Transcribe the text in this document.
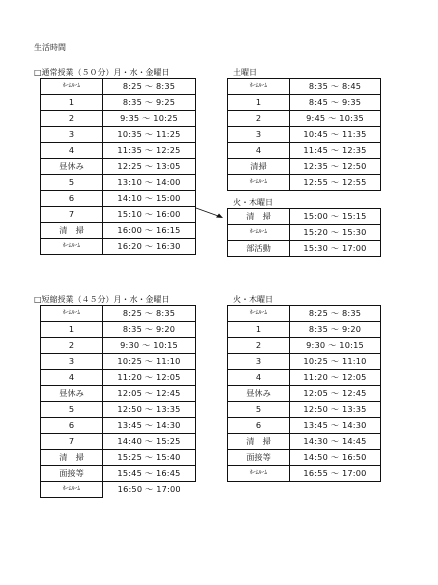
生活時間
□通常授業（５０分）月・水・金曜日
ﾎｰﾑﾙｰﾑ	8:25 ～ 8:35
1	8:35 ～ 9:25
2	9:35 ～ 10:25
3	10:35 ～ 11:25
4	11:35 ～ 12:25
昼休み	12:25 ～ 13:05
5	13:10 ～ 14:00
6	14:10 ～ 15:00
7	15:10 ～ 16:00
清　掃	16:00 ～ 16:15
ﾎｰﾑﾙｰﾑ	16:20 ～ 16:30
土曜日
ﾎｰﾑﾙｰﾑ	8:35 ～ 8:45
1	8:45 ～ 9:35
2	9:45 ～ 10:35
3	10:45 ～ 11:35
4	11:45 ～ 12:35
清掃	12:35 ～ 12:50
ﾎｰﾑﾙｰﾑ	12:55 ～ 12:55
火・木曜日
清　掃	15:00 ～ 15:15
ﾎｰﾑﾙｰﾑ	15:20 ～ 15:30
部活動	15:30 ～ 17:00
□短縮授業（４５分）月・水・金曜日
ﾎｰﾑﾙｰﾑ	8:25 ～ 8:35
1	8:35 ～ 9:20
2	9:30 ～ 10:15
3	10:25 ～ 11:10
4	11:20 ～ 12:05
昼休み	12:05 ～ 12:45
5	12:50 ～ 13:35
6	13:45 ～ 14:30
7	14:40 ～ 15:25
清　掃	15:25 ～ 15:40
面接等	15:45 ～ 16:45
ﾎｰﾑﾙｰﾑ	16:50 ～ 17:00
火・木曜日
ﾎｰﾑﾙｰﾑ	8:25 ～ 8:35
1	8:35 ～ 9:20
2	9:30 ～ 10:15
3	10:25 ～ 11:10
4	11:20 ～ 12:05
昼休み	12:05 ～ 12:45
5	12:50 ～ 13:35
6	13:45 ～ 14:30
清　掃	14:30 ～ 14:45
面接等	14:50 ～ 16:50
ﾎｰﾑﾙｰﾑ	16:55 ～ 17:00
